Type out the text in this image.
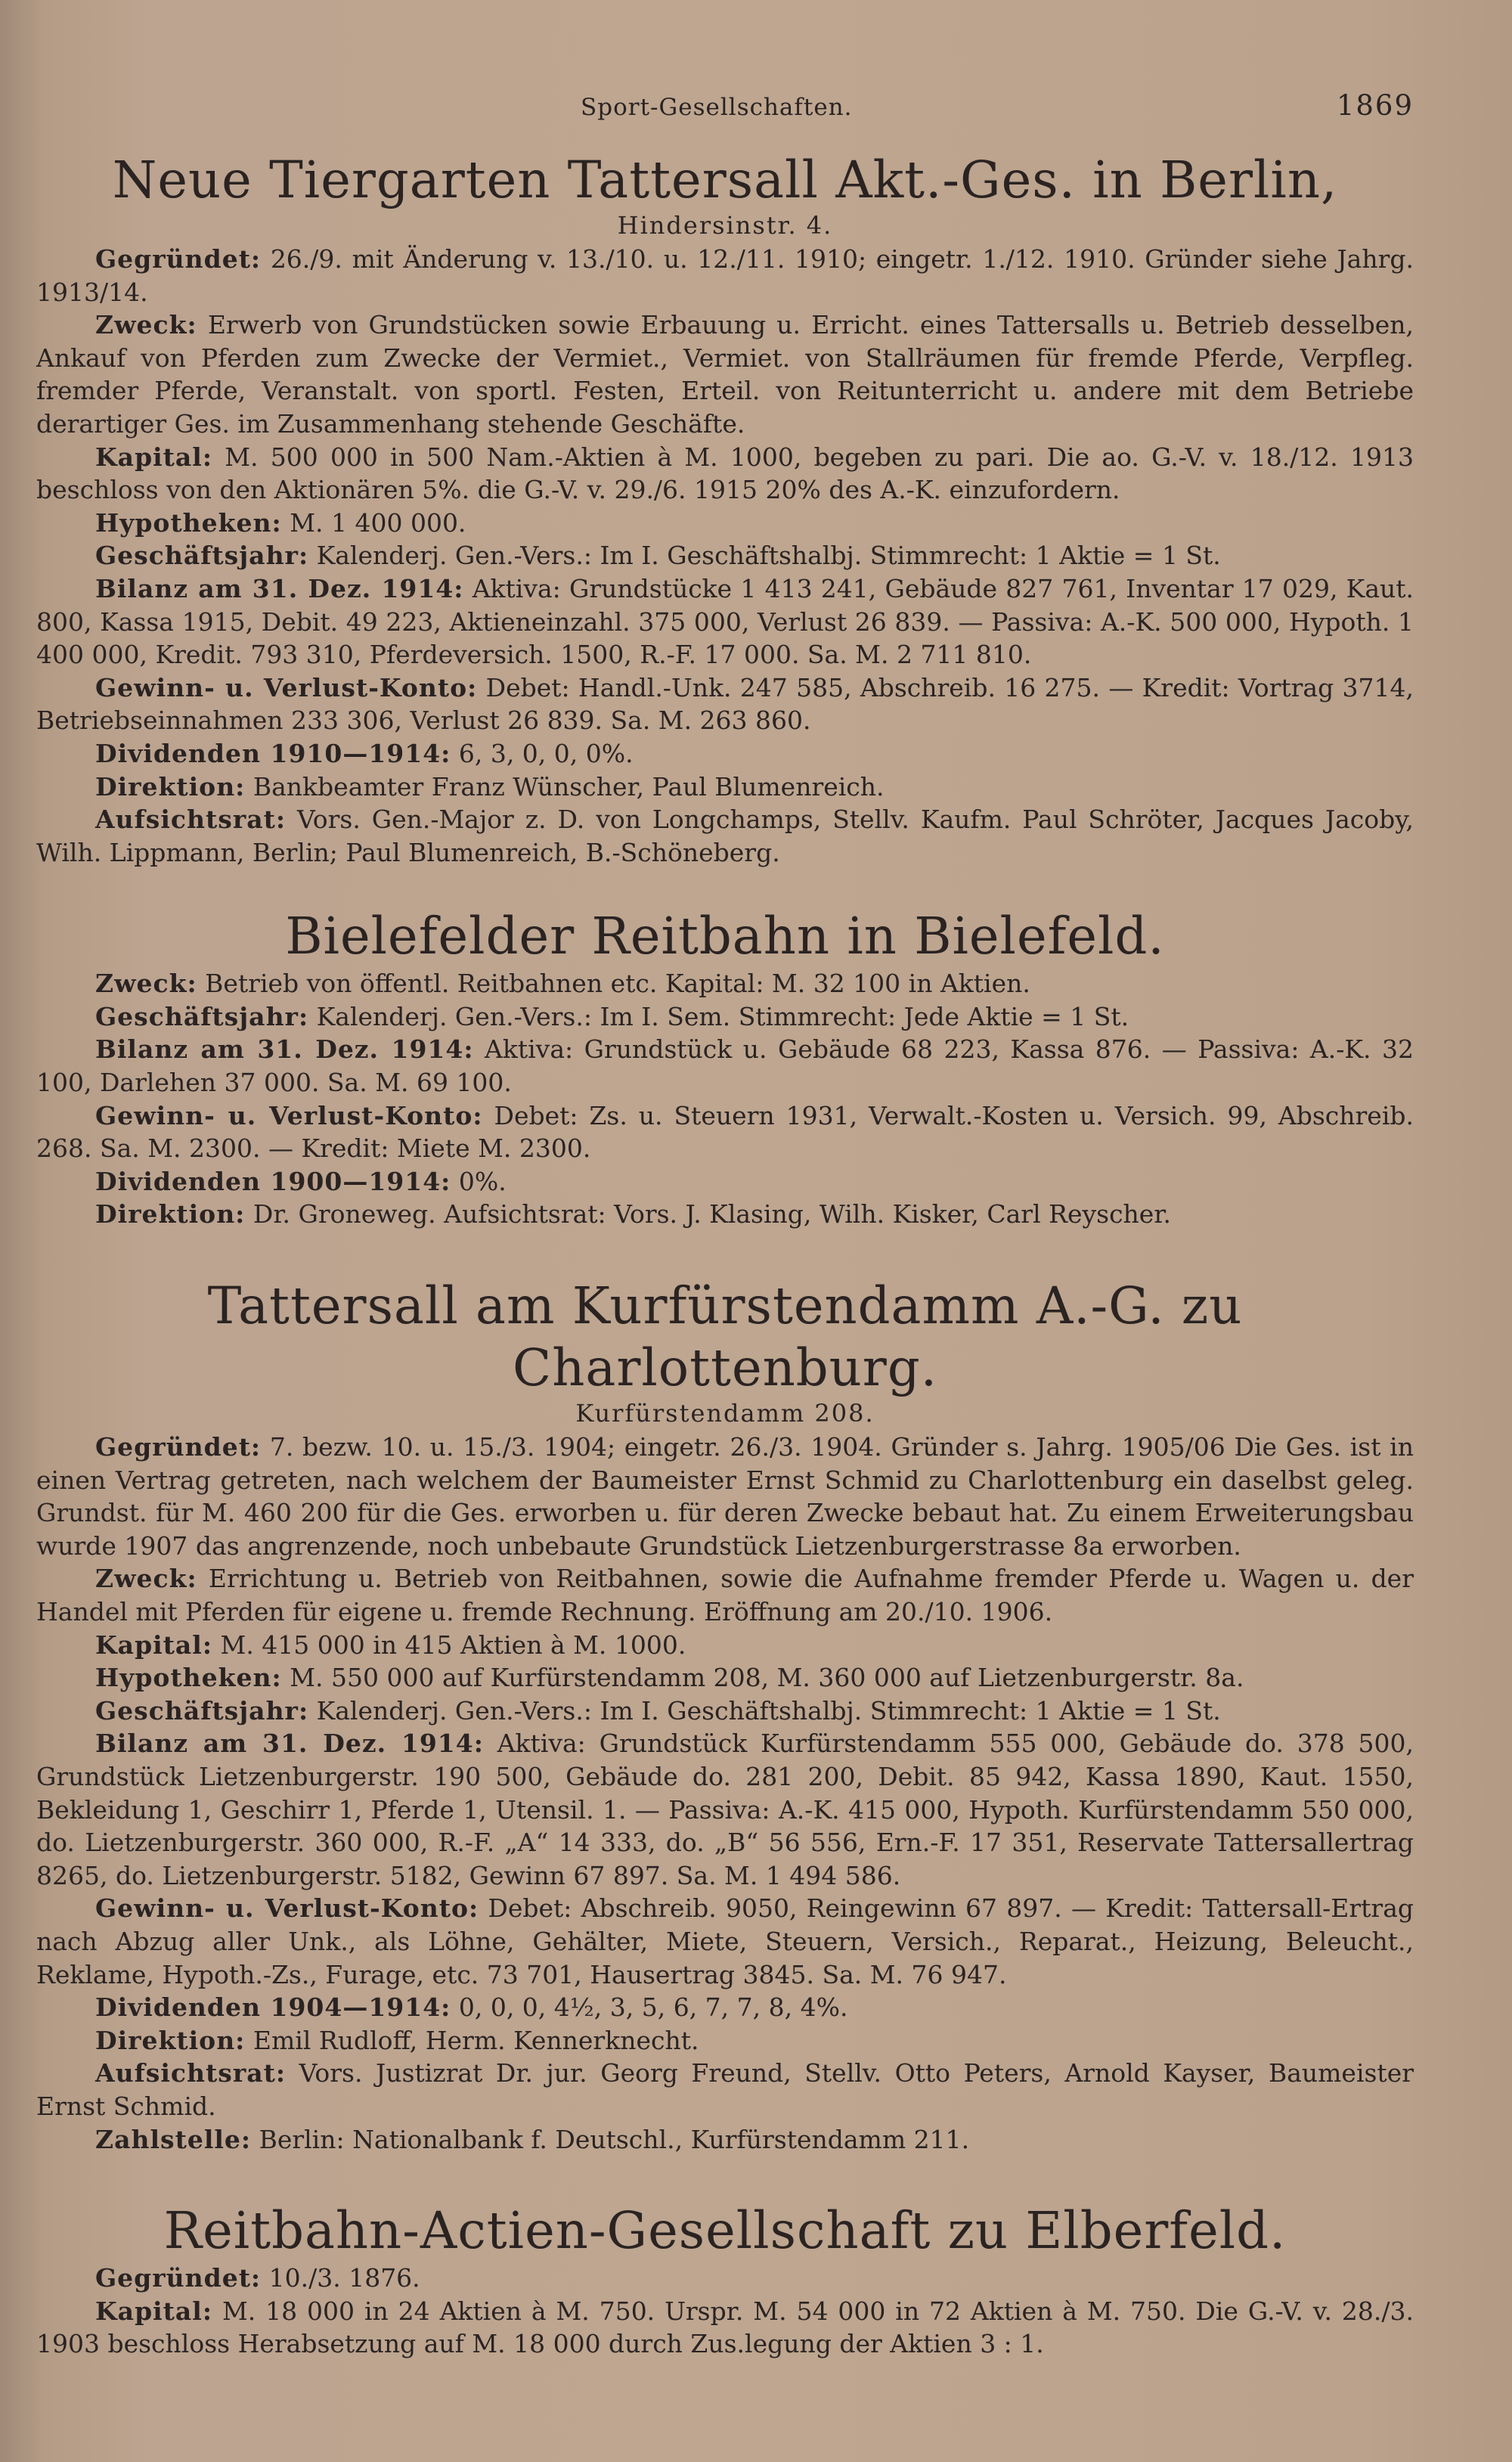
Sport-Gesellschaften.	1869
Neue Tiergarten Tattersall Akt.-Ges. in Berlin,
Hindersinstr. 4.

Gegründet: 26./9. mit Änderung v. 13./10. u. 12./11. 1910; eingetr. 1./12. 1910. Gründer siehe Jahrg. 1913/14.

Zweck: Erwerb von Grundstücken sowie Erbauung u. Erricht. eines Tattersalls u. Betrieb desselben, Ankauf von Pferden zum Zwecke der Vermiet., Vermiet. von Stallräumen für fremde Pferde, Verpfleg. fremder Pferde, Veranstalt. von sportl. Festen, Erteil. von Reitunterricht u. andere mit dem Betriebe derartiger Ges. im Zusammenhang stehende Geschäfte.

Kapital: M. 500 000 in 500 Nam.-Aktien à M. 1000, begeben zu pari. Die ao. G.-V. v. 18./12. 1913 beschloss von den Aktionären 5%. die G.-V. v. 29./6. 1915 20% des A.-K. einzufordern.

Hypotheken: M. 1 400 000.

Geschäftsjahr: Kalenderj. Gen.-Vers.: Im I. Geschäftshalbj. Stimmrecht: 1 Aktie = 1 St.

Bilanz am 31. Dez. 1914: Aktiva: Grundstücke 1 413 241, Gebäude 827 761, Inventar 17 029, Kaut. 800, Kassa 1915, Debit. 49 223, Aktieneinzahl. 375 000, Verlust 26 839. — Passiva: A.-K. 500 000, Hypoth. 1 400 000, Kredit. 793 310, Pferdeversich. 1500, R.-F. 17 000. Sa. M. 2 711 810.

Gewinn- u. Verlust-Konto: Debet: Handl.-Unk. 247 585, Abschreib. 16 275. — Kredit: Vortrag 3714, Betriebseinnahmen 233 306, Verlust 26 839. Sa. M. 263 860.

Dividenden 1910—1914: 6, 3, 0, 0, 0%.

Direktion: Bankbeamter Franz Wünscher, Paul Blumenreich.

Aufsichtsrat: Vors. Gen.-Major z. D. von Longchamps, Stellv. Kaufm. Paul Schröter, Jacques Jacoby, Wilh. Lippmann, Berlin; Paul Blumenreich, B.-Schöneberg.

Bielefelder Reitbahn in Bielefeld.

Zweck: Betrieb von öffentl. Reitbahnen etc. Kapital: M. 32 100 in Aktien.

Geschäftsjahr: Kalenderj. Gen.-Vers.: Im I. Sem. Stimmrecht: Jede Aktie = 1 St.

Bilanz am 31. Dez. 1914: Aktiva: Grundstück u. Gebäude 68 223, Kassa 876. — Passiva: A.-K. 32 100, Darlehen 37 000. Sa. M. 69 100.

Gewinn- u. Verlust-Konto: Debet: Zs. u. Steuern 1931, Verwalt.-Kosten u. Versich. 99, Abschreib. 268. Sa. M. 2300. — Kredit: Miete M. 2300.

Dividenden 1900—1914: 0%.

Direktion: Dr. Groneweg. Aufsichtsrat: Vors. J. Klasing, Wilh. Kisker, Carl Reyscher.

Tattersall am Kurfürstendamm A.-G. zu Charlottenburg.
Kurfürstendamm 208.

Gegründet: 7. bezw. 10. u. 15./3. 1904; eingetr. 26./3. 1904. Gründer s. Jahrg. 1905/06 Die Ges. ist in einen Vertrag getreten, nach welchem der Baumeister Ernst Schmid zu Charlottenburg ein daselbst geleg. Grundst. für M. 460 200 für die Ges. erworben u. für deren Zwecke bebaut hat. Zu einem Erweiterungsbau wurde 1907 das angrenzende, noch unbebaute Grundstück Lietzenburgerstrasse 8a erworben.

Zweck: Errichtung u. Betrieb von Reitbahnen, sowie die Aufnahme fremder Pferde u. Wagen u. der Handel mit Pferden für eigene u. fremde Rechnung. Eröffnung am 20./10. 1906.

Kapital: M. 415 000 in 415 Aktien à M. 1000.

Hypotheken: M. 550 000 auf Kurfürstendamm 208, M. 360 000 auf Lietzenburgerstr. 8a.

Geschäftsjahr: Kalenderj. Gen.-Vers.: Im I. Geschäftshalbj. Stimmrecht: 1 Aktie = 1 St.

Bilanz am 31. Dez. 1914: Aktiva: Grundstück Kurfürstendamm 555 000, Gebäude do. 378 500, Grundstück Lietzenburgerstr. 190 500, Gebäude do. 281 200, Debit. 85 942, Kassa 1890, Kaut. 1550, Bekleidung 1, Geschirr 1, Pferde 1, Utensil. 1. — Passiva: A.-K. 415 000, Hypoth. Kurfürstendamm 550 000, do. Lietzenburgerstr. 360 000, R.-F. „A“ 14 333, do. „B“ 56 556, Ern.-F. 17 351, Reservate Tattersallertrag 8265, do. Lietzenburgerstr. 5182, Gewinn 67 897. Sa. M. 1 494 586.

Gewinn- u. Verlust-Konto: Debet: Abschreib. 9050, Reingewinn 67 897. — Kredit: Tattersall-Ertrag nach Abzug aller Unk., als Löhne, Gehälter, Miete, Steuern, Versich., Reparat., Heizung, Beleucht., Reklame, Hypoth.-Zs., Furage, etc. 73 701, Hausertrag 3845. Sa. M. 76 947.

Dividenden 1904—1914: 0, 0, 0, 4½, 3, 5, 6, 7, 7, 8, 4%.

Direktion: Emil Rudloff, Herm. Kennerknecht.

Aufsichtsrat: Vors. Justizrat Dr. jur. Georg Freund, Stellv. Otto Peters, Arnold Kayser, Baumeister Ernst Schmid.

Zahlstelle: Berlin: Nationalbank f. Deutschl., Kurfürstendamm 211.

Reitbahn-Actien-Gesellschaft zu Elberfeld.

Gegründet: 10./3. 1876.

Kapital: M. 18 000 in 24 Aktien à M. 750. Urspr. M. 54 000 in 72 Aktien à M. 750. Die G.-V. v. 28./3. 1903 beschloss Herabsetzung auf M. 18 000 durch Zus.legung der Aktien 3 : 1.
